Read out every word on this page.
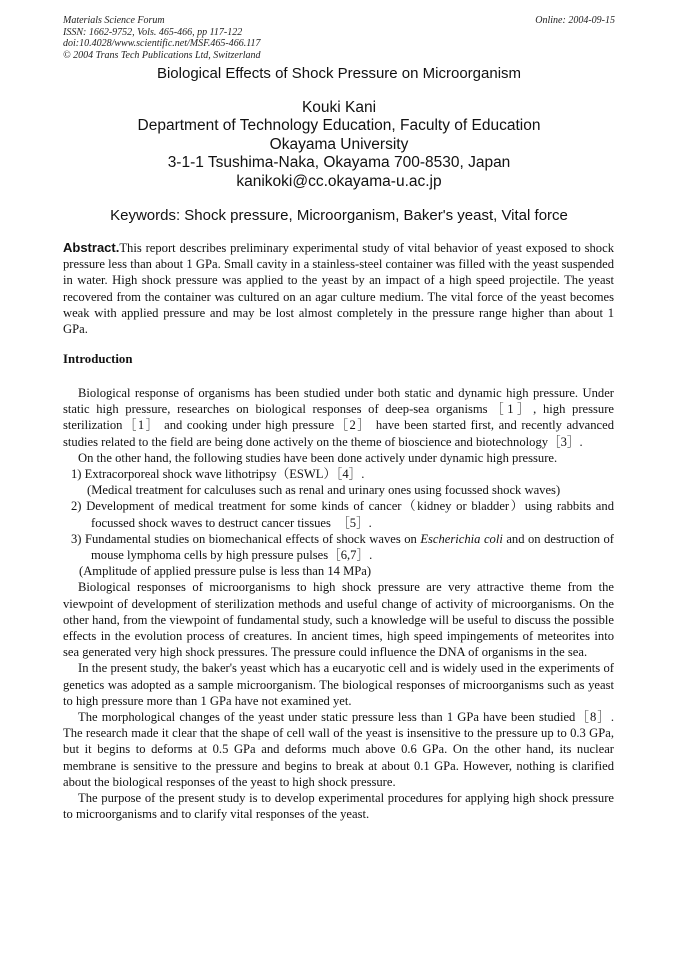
Materials Science Forum	Online: 2004-09-15
ISSN: 1662-9752, Vols. 465-466, pp 117-122
doi:10.4028/www.scientific.net/MSF.465-466.117
© 2004 Trans Tech Publications Ltd, Switzerland
Biological Effects of Shock Pressure on Microorganism
Kouki Kani
Department of Technology Education, Faculty of Education
Okayama University
3-1-1 Tsushima-Naka, Okayama 700-8530, Japan
kanikoki@cc.okayama-u.ac.jp
Keywords: Shock pressure, Microorganism, Baker's yeast, Vital force
Abstract.This report describes preliminary experimental study of vital behavior of yeast exposed to shock pressure less than about 1 GPa. Small cavity in a stainless-steel container was filled with the yeast suspended in water. High shock pressure was applied to the yeast by an impact of a high speed projectile. The yeast recovered from the container was cultured on an agar culture medium. The vital force of the yeast becomes weak with applied pressure and may be lost almost completely in the pressure range higher than about 1 GPa.
Introduction

Biological response of organisms has been studied under both static and dynamic high pressure. Under static high pressure, researches on biological responses of deep-sea organisms［1］, high pressure sterilization［1］ and cooking under high pressure［2］ have been started first, and recently advanced studies related to the field are being done actively on the theme of bioscience and biotechnology［3］.

On the other hand, the following studies have been done actively under dynamic high pressure.

1) Extracorporeal shock wave lithotripsy（ESWL）［4］.

(Medical treatment for calculuses such as renal and urinary ones using focussed shock waves)

2) Development of medical treatment for some kinds of cancer（kidney or bladder）using rabbits and focussed shock waves to destruct cancer tissues　［5］.

3) Fundamental studies on biomechanical effects of shock waves on Escherichia coli and on destruction of mouse lymphoma cells by high pressure pulses［6,7］.

(Amplitude of applied pressure pulse is less than 14 MPa)

Biological responses of microorganisms to high shock pressure are very attractive theme from the viewpoint of development of sterilization methods and useful change of activity of microorganisms. On the other hand, from the viewpoint of fundamental study, such a knowledge will be useful to discuss the possible effects in the evolution process of creatures. In ancient times, high speed impingements of meteorites into sea generated very high shock pressures. The pressure could influence the DNA of organisms in the sea.

In the present study, the baker's yeast which has a eucaryotic cell and is widely used in the experiments of genetics was adopted as a sample microorganism. The biological responses of microorganisms such as yeast to high pressure more than 1 GPa have not examined yet.

The morphological changes of the yeast under static pressure less than 1 GPa have been studied［8］. The research made it clear that the shape of cell wall of the yeast is insensitive to the pressure up to 0.3 GPa, but it begins to deforms at 0.5 GPa and deforms much above 0.6 GPa. On the other hand, its nuclear membrane is sensitive to the pressure and begins to break at about 0.1 GPa. However, nothing is clarified about the biological responses of the yeast to high shock pressure.

The purpose of the present study is to develop experimental procedures for applying high shock pressure to microorganisms and to clarify vital responses of the yeast.
